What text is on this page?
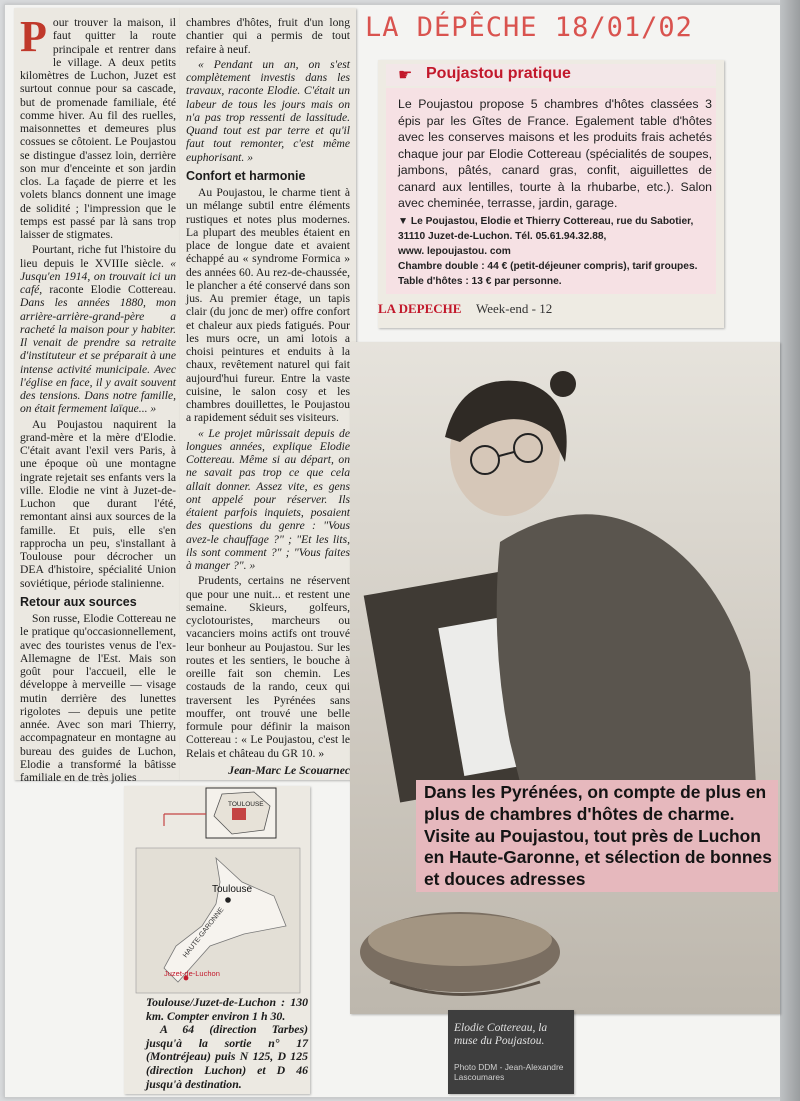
LA DÉPÊCHE 18/01/02
P our trouver la maison, il faut quitter la route principale et rentrer dans le village. A deux petits kilomètres de Luchon, Juzet est surtout connue pour sa cascade, but de promenade familiale, été comme hiver. Au fil des ruelles, maisonnettes et demeures plus cossues se côtoient. Le Poujastou se distingue d'assez loin, derrière son mur d'enceinte et son jardin clos. La façade de pierre et les volets blancs donnent une image de solidité ; l'impression que le temps est passé par là sans trop laisser de stigmates.

Pourtant, riche fut l'histoire du lieu depuis le XVIIIe siècle. « Jusqu'en 1914, on trouvait ici un café, raconte Elodie Cottereau. Dans les années 1880, mon arrière-arrière-grand-père a racheté la maison pour y habiter. Il venait de prendre sa retraite d'instituteur et se préparait à une intense activité municipale. Avec l'église en face, il y avait souvent des tensions. Dans notre famille, on était fermement laïque... »

Au Poujastou naquirent la grand-mère et la mère d'Elodie. C'était avant l'exil vers Paris, à une époque où une montagne ingrate rejetait ses enfants vers la ville. Elodie ne vint à Juzet-de-Luchon que durant l'été, remontant ainsi aux sources de la famille. Et puis, elle s'en rapprocha un peu, s'installant à Toulouse pour décrocher un DEA d'histoire, spécialité Union soviétique, période stalinienne.

Retour aux sources

Son russe, Elodie Cottereau ne le pratique qu'occasionnellement, avec des touristes venus de l'ex-Allemagne de l'Est. Mais son goût pour l'accueil, elle le développe à merveille — visage mutin derrière des lunettes rigolotes — depuis une petite année. Avec son mari Thierry, accompagnateur en montagne au bureau des guides de Luchon, Elodie a transformé la bâtisse familiale en de très jolies

chambres d'hôtes, fruit d'un long chantier qui a permis de tout refaire à neuf.

« Pendant un an, on s'est complètement investis dans les travaux, raconte Elodie. C'était un labeur de tous les jours mais on n'a pas trop ressenti de lassitude. Quand tout est par terre et qu'il faut tout remonter, c'est même euphorisant. »

Confort et harmonie

Au Poujastou, le charme tient à un mélange subtil entre éléments rustiques et notes plus modernes. La plupart des meubles étaient en place de longue date et avaient échappé au « syndrome Formica » des années 60. Au rez-de-chaussée, le plancher a été conservé dans son jus. Au premier étage, un tapis clair (du jonc de mer) offre confort et chaleur aux pieds fatigués. Pour les murs ocre, un ami lotois a choisi peintures et enduits à la chaux, revêtement naturel qui fait aujourd'hui fureur. Entre la vaste cuisine, le salon cosy et les chambres douillettes, le Poujastou a rapidement séduit ses visiteurs.

« Le projet mûrissait depuis de longues années, explique Elodie Cottereau. Même si au départ, on ne savait pas trop ce que cela allait donner. Assez vite, es gens ont appelé pour réserver. Ils étaient parfois inquiets, posaient des questions du genre : "Vous avez-le chauffage ?" ; "Et les lits, ils sont comment ?" ; "Vous faites à manger ?". »

Prudents, certains ne réservent que pour une nuit... et restent une semaine. Skieurs, golfeurs, cyclotouristes, marcheurs ou vacanciers moins actifs ont trouvé leur bonheur au Poujastou. Sur les routes et les sentiers, le bouche à oreille fait son chemin. Les costauds de la rando, ceux qui traversent les Pyrénées sans mouffer, ont trouvé une belle formule pour définir la maison Cottereau : « Le Poujastou, c'est le Relais et château du GR 10. »

Jean-Marc Le Scouarnec

☛ Poujastou pratique
Le Poujastou propose 5 chambres d'hôtes classées 3 épis par les Gîtes de France. Egalement table d'hôtes avec les conserves maisons et les produits frais achetés chaque jour par Elodie Cottereau (spécialités de soupes, jambons, pâtés, canard gras, confit, aiguillettes de canard aux lentilles, tourte à la rhubarbe, etc.). Salon avec cheminée, terrasse, jardin, garage.
▼ Le Poujastou, Elodie et Thierry Cottereau, rue du Sabotier, 31110 Juzet-de-Luchon. Tél. 05.61.94.32.88,
www. lepoujastou. com
Chambre double : 44 € (petit-déjeuner compris), tarif groupes. Table d'hôtes : 13 € par personne.
LA DEPECHE Week-end - 12
Dans les Pyrénées, on compte de plus en plus de chambres d'hôtes de charme. Visite au Poujastou, tout près de Luchon en Haute-Garonne, et sélection de bonnes et douces adresses
Elodie Cottereau, la muse du Poujastou.
Photo DDM - Jean-Alexandre Lascoumares
TOULOUSE
Toulouse
HAUTE-GARONNE
Juzet-de-Luchon
Toulouse/Juzet-de-Luchon : 130 km. Compter environ 1 h 30.
A 64 (direction Tarbes) jusqu'à la sortie n° 17 (Montréjeau) puis N 125, D 125 (direction Luchon) et D 46 jusqu'à destination.
